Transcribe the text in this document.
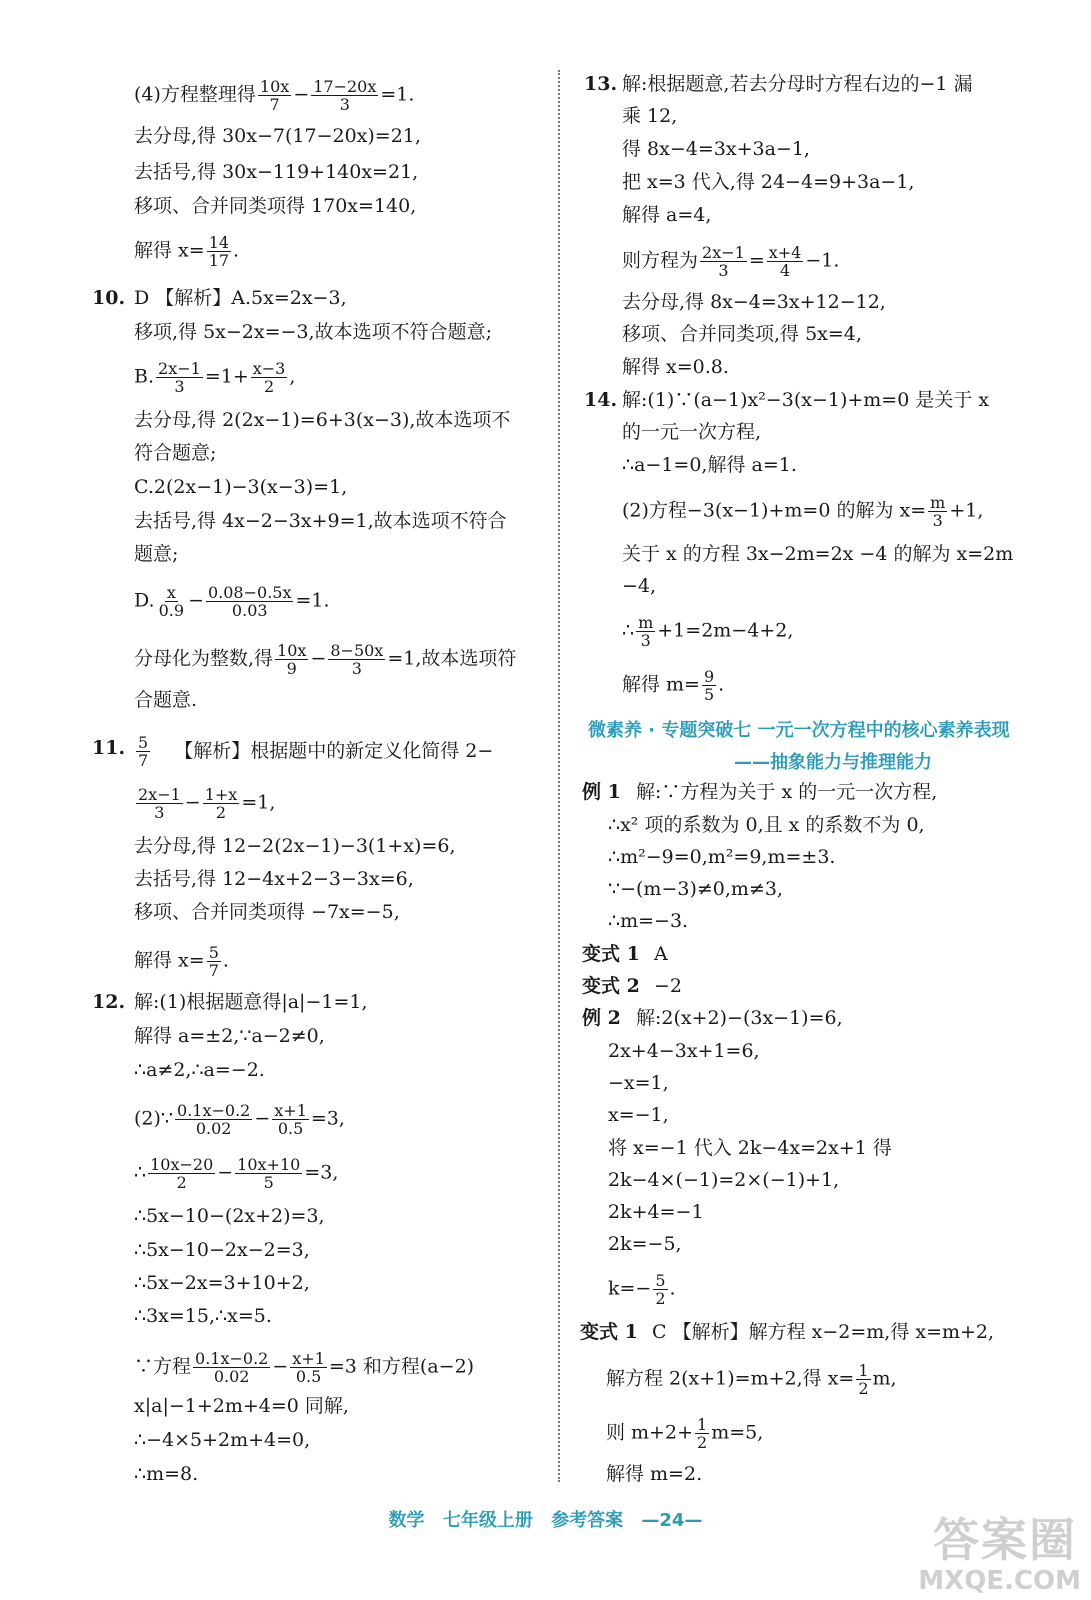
(4)方程整理得 $\frac{10x}{7} - \frac{17-20x}{3} =1$.
去分母,得 30x−7(17−20x)=21,
去括号,得 30x−119+140x=21,
移项、合并同类项得 170x=140,
解得 $x= \frac{14}{17}$ .
10. D 【解析】A.5x=2x−3,
移项,得 5x−2x=−3,故本选项不符合题意;
B. $\frac{2x-1}{3} =1+ \frac{x-3}{2}$ ,
去分母,得 2(2x−1)=6+3(x−3),故本选项不
符合题意;
C.2(2x−1)−3(x−3)=1,
去括号,得 4x−2−3x+9=1,故本选项不符合
题意;
D. $\frac{x}{0.9} - \frac{0.08-0.5x}{0.03} =1$.
分母化为整数,得 $\frac{10x}{9} - \frac{8-50x}{3} =1$,故本选项符
合题意.
11. $\frac{5}{7}$ 【解析】根据题中的新定义化简得 2−
$\frac{2x-1}{3} - \frac{1+x}{2} =1$,
去分母,得 12−2(2x−1)−3(1+x)=6,
去括号,得 12−4x+2−3−3x=6,
移项、合并同类项得 −7x=−5,
解得 $x= \frac{5}{7}$ .
12. 解:(1)根据题意得|a|−1=1,
解得 a=±2,∵a−2≠0,
∴a≠2,∴a=−2.
(2)∵ $\frac{0.1x-0.2}{0.02} - \frac{x+1}{0.5} =3$,
∴ $\frac{10x-20}{2} - \frac{10x+10}{5} =3$,
∴5x−10−(2x+2)=3,
∴5x−10−2x−2=3,
∴5x−2x=3+10+2,
∴3x=15,∴x=5.
∵方程 $\frac{0.1x-0.2}{0.02} - \frac{x+1}{0.5} =3$ 和方程(a−2)
x|a|−1+2m+4=0 同解,
∴−4×5+2m+4=0,
∴m=8.
13. 解:根据题意,若去分母时方程右边的−1 漏
乘 12,
得 8x−4=3x+3a−1,
把 x=3 代入,得 24−4=9+3a−1,
解得 a=4,
则方程为 $\frac{2x-1}{3} = \frac{x+4}{4} -1$.
去分母,得 8x−4=3x+12−12,
移项、合并同类项,得 5x=4,
解得 x=0.8.
14. 解:(1)∵(a−1)x²−3(x−1)+m=0 是关于 x
的一元一次方程,
∴a−1=0,解得 a=1.
(2)方程−3(x−1)+m=0 的解为 $x= \frac{m}{3} +1$,
关于 x 的方程 3x−2m=2x −4 的解为 x=2m
−4,
∴ $\frac{m}{3} +1=2m-4+2$,
解得 $m= \frac{9}{5}$ .
微素养 · 专题突破七 一元一次方程中的核心素养表现
——抽象能力与推理能力
例 1 解:∵方程为关于 x 的一元一次方程,
∴x² 项的系数为 0,且 x 的系数不为 0,
∴m²−9=0,m²=9,m=±3.
∵−(m−3)≠0,m≠3,
∴m=−3.
变式 1 A
变式 2 −2
例 2 解:2(x+2)−(3x−1)=6,
2x+4−3x+1=6,
−x=1,
x=−1,
将 x=−1 代入 2k−4x=2x+1 得
2k−4×(−1)=2×(−1)+1,
2k+4=−1
2k=−5,
$k=- \frac{5}{2}$ .
变式 1 C 【解析】解方程 x−2=m,得 x=m+2,
解方程 2(x+1)=m+2,得 $x= \frac{1}{2} m$,
则 $m+2+ \frac{1}{2} m=5$,
解得 m=2.
数学 七年级上册 参考答案 —24—	答案圈
MXQE.COM
